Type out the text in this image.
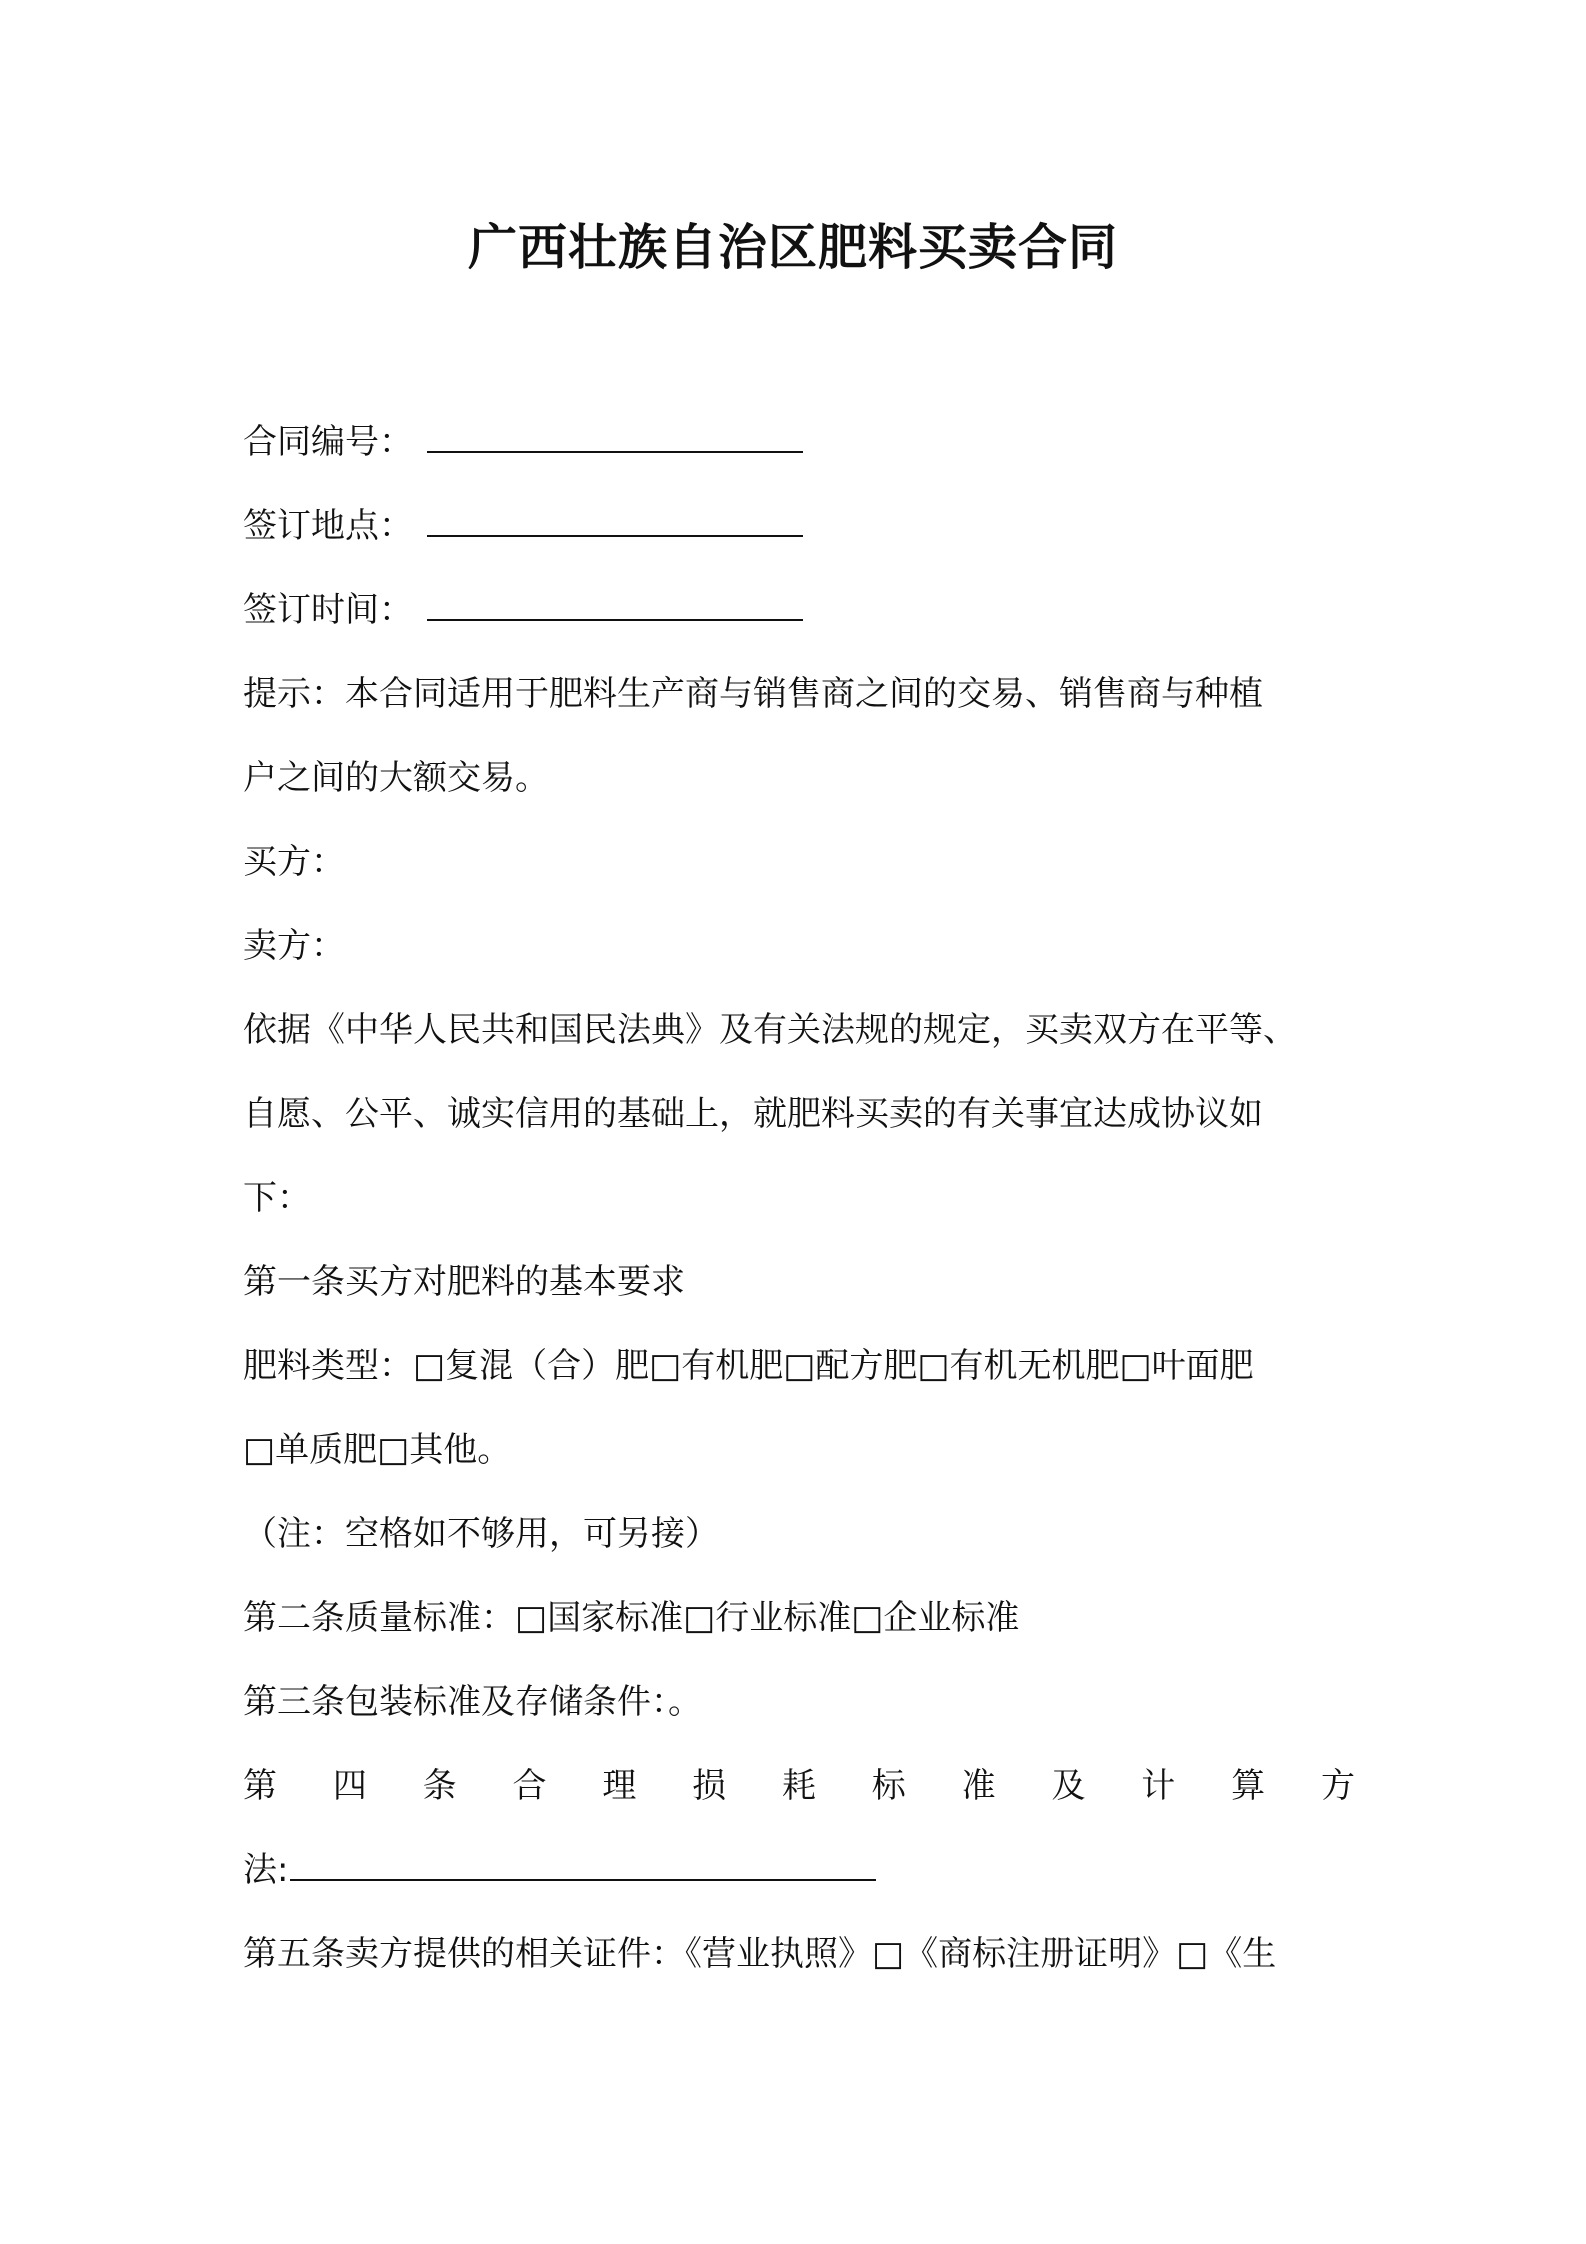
广西壮族自治区肥料买卖合同
合同编号：
签订地点：
签订时间：
提示：本合同适用于肥料生产商与销售商之间的交易、销售商与种植
户之间的大额交易。
买方：
卖方：
依据《中华人民共和国民法典》及有关法规的规定，买卖双方在平等、
自愿、公平、诚实信用的基础上，就肥料买卖的有关事宜达成协议如
下：
第一条买方对肥料的基本要求
肥料类型：□复混（合）肥□有机肥□配方肥□有机无机肥□叶面肥
□单质肥□其他。
（注：空格如不够用，可另接）
第二条质量标准：□国家标准□行业标准□企业标准
第三条包装标准及存储条件：。
第 四 条 合 理 损 耗 标 准 及 计 算 方
法:
第五条卖方提供的相关证件：《营业执照》□《商标注册证明》□《生
